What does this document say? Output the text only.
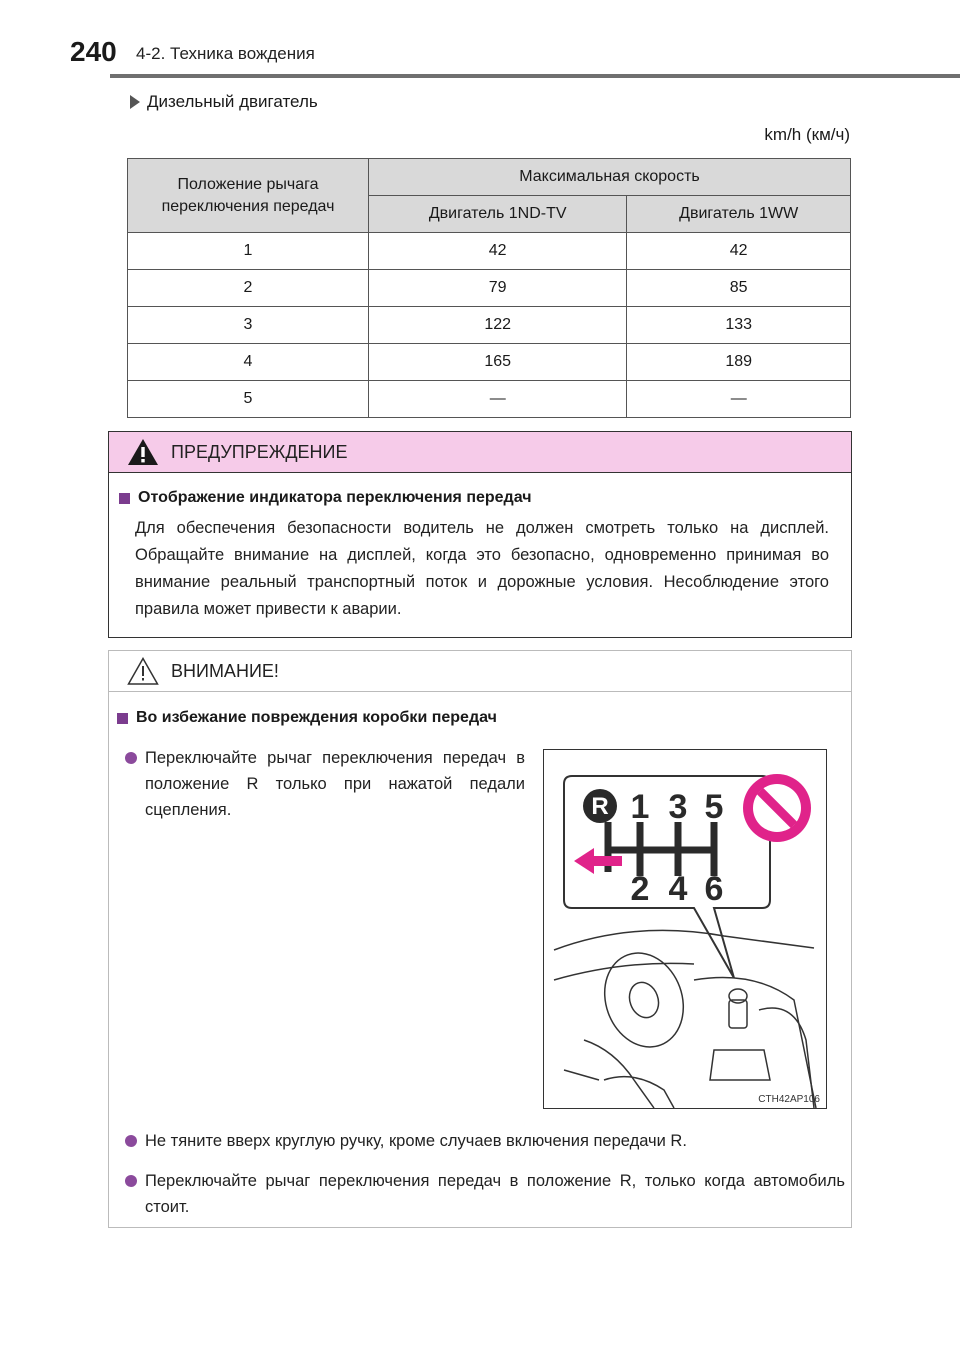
240 4-2. Техника вождения
Дизельный двигатель
km/h (км/ч)
Положение рычага переключения передач	Максимальная скорость	
	Двигатель 1ND-TV	Двигатель 1WW
1	42	42
2	79	85
3	122	133
4	165	189
5	—	—
ПРЕДУПРЕЖДЕНИЕ
Отображение индикатора переключения передач
Для обеспечения безопасности водитель не должен смотреть только на дисплей. Обращайте внимание на дисплей, когда это безопасно, одновременно принимая во внимание реальный транспортный поток и дорожные условия. Несоблюдение этого правила может привести к аварии.
ВНИМАНИЕ!
Во избежание повреждения коробки передач
Переключайте рычаг переключения передач в положение R только при нажатой педали сцепления.	R 1 3 5
2 4 6
CTH42AP106
Не тяните вверх круглую ручку, кроме случаев включения передачи R.
Переключайте рычаг переключения передач в положение R, только когда автомобиль стоит.
